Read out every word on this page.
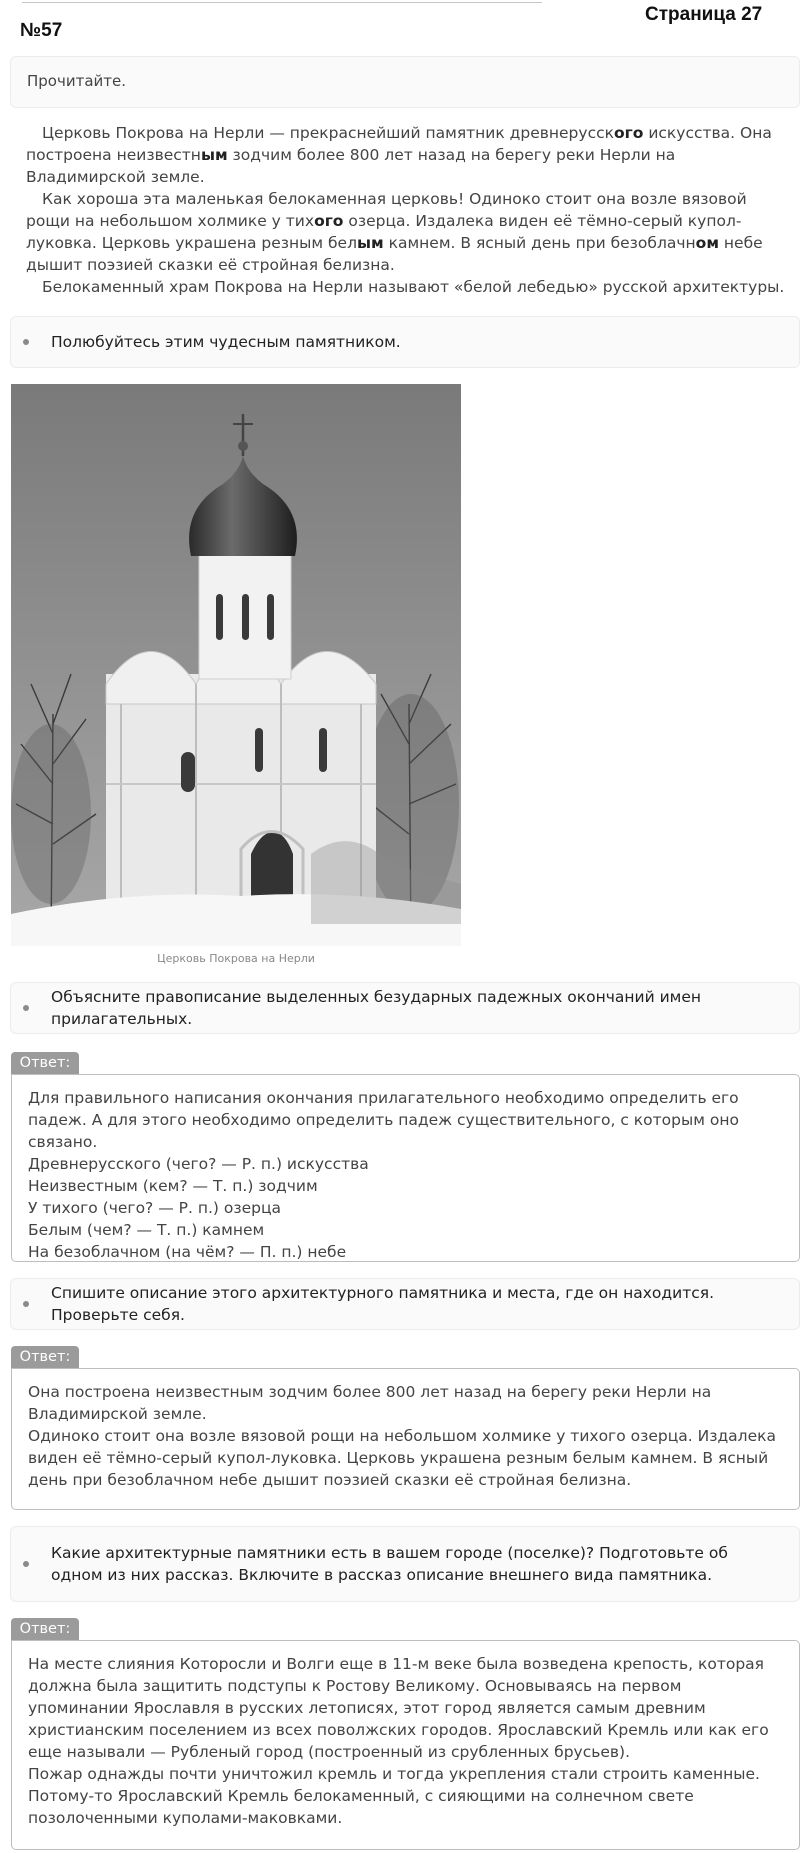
№57
Страница 27
Прочитайте.

Церковь Покрова на Нерли — прекраснейший памятник древнерусского искусства. Она построена неизвестным зодчим более 800 лет назад на берегу реки Нерли на Владимирской земле.

Как хороша эта маленькая белокаменная церковь! Одиноко стоит она возле вязовой рощи на небольшом холмике у тихого озерца. Издалека виден её тёмно-серый купол-луковка. Церковь украшена резным белым камнем. В ясный день при безоблачном небе дышит поэзией сказки её стройная белизна.

Белокаменный храм Покрова на Нерли называют «белой лебедью» русской архитектуры.

Полюбуйтесь этим чудесным памятником.
Церковь Покрова на Нерли
Объясните правописание выделенных безударных падежных окончаний имен прилагательных.
Ответ:
Для правильного написания окончания прилагательного необходимо определить его падеж. А для этого необходимо определить падеж существительного, с которым оно связано.
Древнерусского (чего? — Р. п.) искусства
Неизвестным (кем? — Т. п.) зодчим
У тихого (чего? — Р. п.) озерца
Белым (чем? — Т. п.) камнем
На безоблачном (на чём? — П. п.) небе
Спишите описание этого архитектурного памятника и места, где он находится. Проверьте себя.
Ответ:
Она построена неизвестным зодчим более 800 лет назад на берегу реки Нерли на Владимирской земле.
Одиноко стоит она возле вязовой рощи на небольшом холмике у тихого озерца. Издалека виден её тёмно-серый купол-луковка. Церковь украшена резным белым камнем. В ясный день при безоблачном небе дышит поэзией сказки её стройная белизна.
Какие архитектурные памятники есть в вашем городе (поселке)? Подготовьте об одном из них рассказ. Включите в рассказ описание внешнего вида памятника.
Ответ:
На месте слияния Которосли и Волги еще в 11-м веке была возведена крепость, которая должна была защитить подступы к Ростову Великому. Основываясь на первом упоминании Ярославля в русских летописях, этот город является самым древним христианским поселением из всех поволжских городов. Ярославский Кремль или как его еще называли — Рубленый город (построенный из срубленных брусьев).
Пожар однажды почти уничтожил кремль и тогда укрепления стали строить каменные.
Потому-то Ярославский Кремль белокаменный, с сияющими на солнечном свете позолоченными куполами-маковками.
